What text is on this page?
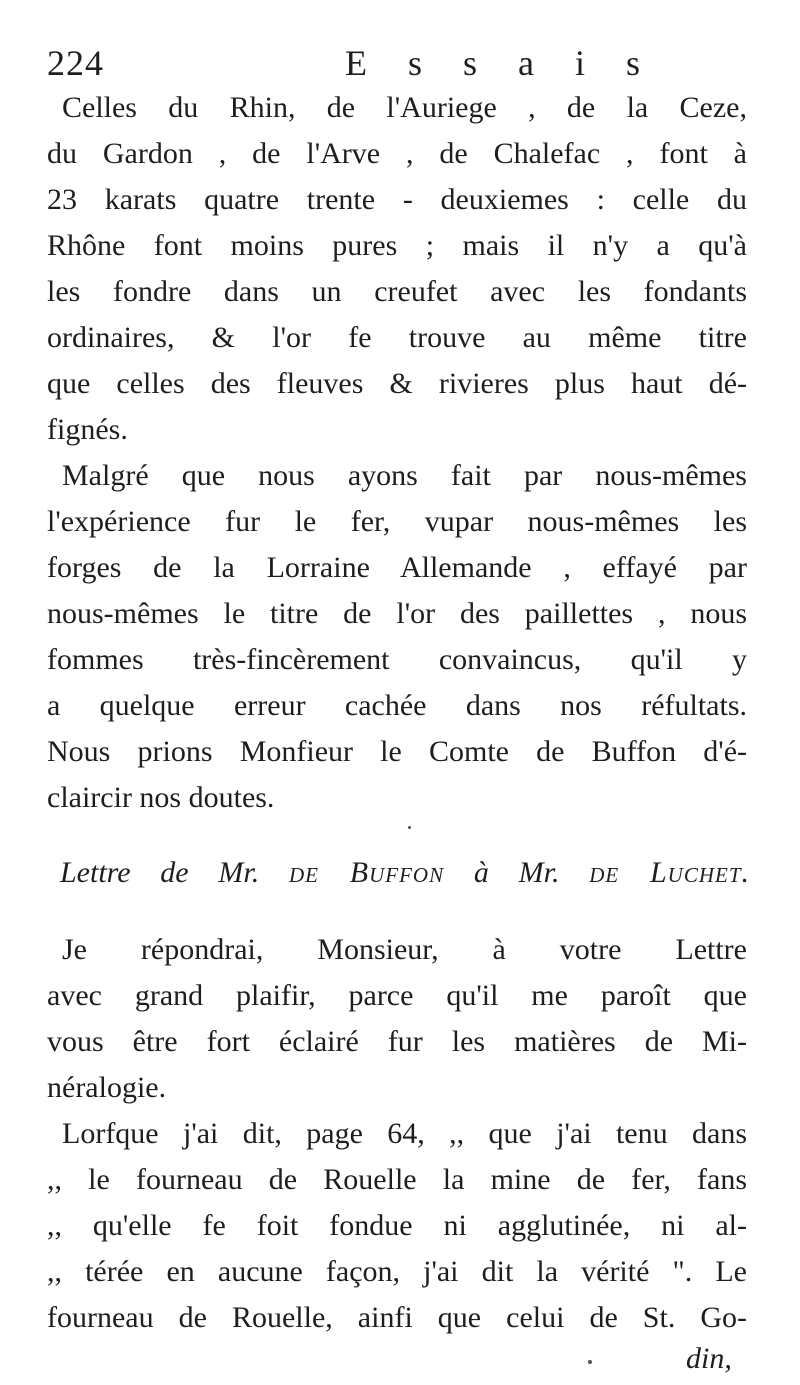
224	E s s a i s
Celles du Rhin, de l'Auriege , de la Ceze,
du Gardon , de l'Arve , de Chalefac , font à
23 karats quatre trente - deuxiemes : celle du
Rhône font moins pures ; mais il n'y a qu'à
les fondre dans un creufet avec les fondants
ordinaires, & l'or fe trouve au même titre
que celles des fleuves & rivieres plus haut dé-
fignés.
Malgré que nous ayons fait par nous-mêmes
l'expérience fur le fer, vupar nous-mêmes les
forges de la Lorraine Allemande , effayé par
nous-mêmes le titre de l'or des paillettes , nous
fommes très-fincèrement convaincus, qu'il y
a quelque erreur cachée dans nos réfultats.
Nous prions Monfieur le Comte de Buffon d'é-
claircir nos doutes.
Lettre de Mr. de Buffon à Mr. de Luchet.
Je répondrai, Monsieur, à votre Lettre
avec grand plaifir, parce qu'il me paroît que
vous être fort éclairé fur les matières de Mi-
néralogie.
Lorfque j'ai dit, page 64, ,, que j'ai tenu dans
,, le fourneau de Rouelle la mine de fer, fans
,, qu'elle fe foit fondue ni agglutinée, ni al-
,, térée en aucune façon, j'ai dit la vérité ". Le
fourneau de Rouelle, ainfi que celui de St. Go-
din,
